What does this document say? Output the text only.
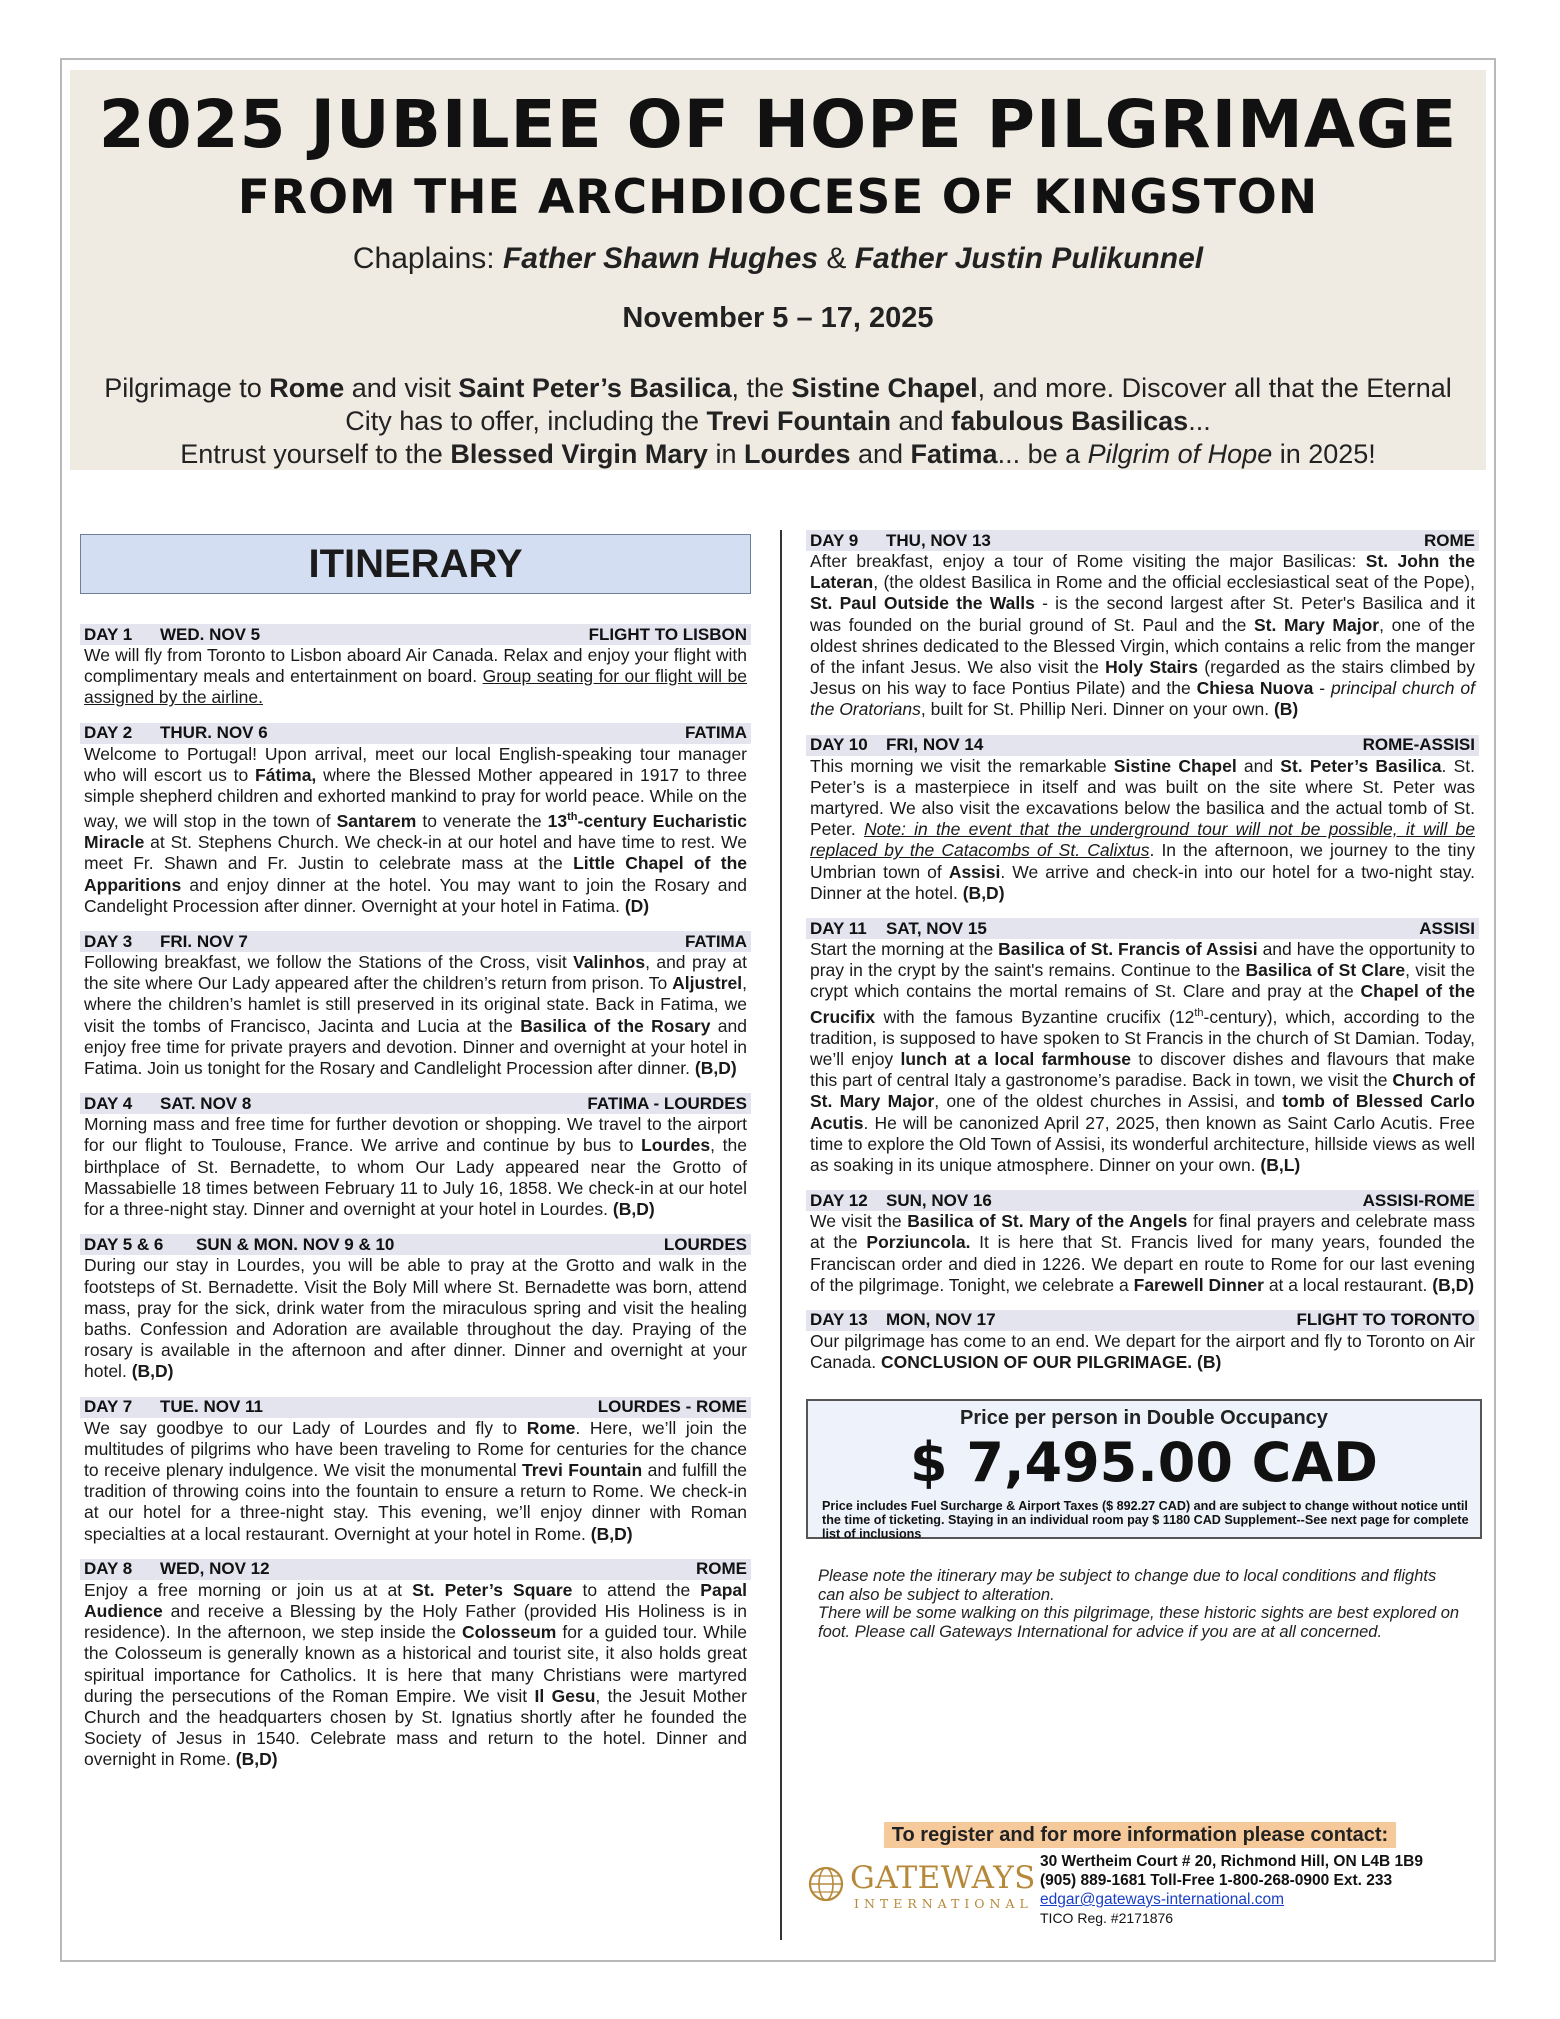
2025 JUBILEE OF HOPE PILGRIMAGE
FROM THE ARCHDIOCESE OF KINGSTON
Chaplains: Father Shawn Hughes & Father Justin Pulikunnel
November 5 – 17, 2025
Pilgrimage to Rome and visit Saint Peter’s Basilica, the Sistine Chapel, and more. Discover all that the Eternal City has to offer, including the Trevi Fountain and fabulous Basilicas...
Entrust yourself to the Blessed Virgin Mary in Lourdes and Fatima... be a Pilgrim of Hope in 2025!
ITINERARY
DAY 1	WED. NOV 5	FLIGHT TO LISBON
We will fly from Toronto to Lisbon aboard Air Canada. Relax and enjoy your flight with complimentary meals and entertainment on board. Group seating for our flight will be assigned by the airline.
DAY 2	THUR. NOV 6	FATIMA
Welcome to Portugal! Upon arrival, meet our local English-speaking tour manager who will escort us to Fátima, where the Blessed Mother appeared in 1917 to three simple shepherd children and exhorted mankind to pray for world peace. While on the way, we will stop in the town of Santarem to venerate the 13th-century Eucharistic Miracle at St. Stephens Church. We check-in at our hotel and have time to rest. We meet Fr. Shawn and Fr. Justin to celebrate mass at the Little Chapel of the Apparitions and enjoy dinner at the hotel. You may want to join the Rosary and Candelight Procession after dinner. Overnight at your hotel in Fatima. (D)
DAY 3	FRI. NOV 7	FATIMA
Following breakfast, we follow the Stations of the Cross, visit Valinhos, and pray at the site where Our Lady appeared after the children’s return from prison. To Aljustrel, where the children’s hamlet is still preserved in its original state. Back in Fatima, we visit the tombs of Francisco, Jacinta and Lucia at the Basilica of the Rosary and enjoy free time for private prayers and devotion. Dinner and overnight at your hotel in Fatima. Join us tonight for the Rosary and Candlelight Procession after dinner. (B,D)
DAY 4	SAT. NOV 8	FATIMA - LOURDES
Morning mass and free time for further devotion or shopping. We travel to the airport for our flight to Toulouse, France. We arrive and continue by bus to Lourdes, the birthplace of St. Bernadette, to whom Our Lady appeared near the Grotto of Massabielle 18 times between February 11 to July 16, 1858. We check-in at our hotel for a three-night stay. Dinner and overnight at your hotel in Lourdes. (B,D)
DAY 5 & 6	SUN & MON. NOV 9 & 10	LOURDES
During our stay in Lourdes, you will be able to pray at the Grotto and walk in the footsteps of St. Bernadette. Visit the Boly Mill where St. Bernadette was born, attend mass, pray for the sick, drink water from the miraculous spring and visit the healing baths. Confession and Adoration are available throughout the day. Praying of the rosary is available in the afternoon and after dinner. Dinner and overnight at your hotel. (B,D)
DAY 7	TUE. NOV 11	LOURDES - ROME
We say goodbye to our Lady of Lourdes and fly to Rome. Here, we’ll join the multitudes of pilgrims who have been traveling to Rome for centuries for the chance to receive plenary indulgence. We visit the monumental Trevi Fountain and fulfill the tradition of throwing coins into the fountain to ensure a return to Rome. We check-in at our hotel for a three-night stay. This evening, we’ll enjoy dinner with Roman specialties at a local restaurant. Overnight at your hotel in Rome. (B,D)
DAY 8	WED, NOV 12	ROME
Enjoy a free morning or join us at at St. Peter’s Square to attend the Papal Audience and receive a Blessing by the Holy Father (provided His Holiness is in residence). In the afternoon, we step inside the Colosseum for a guided tour. While the Colosseum is generally known as a historical and tourist site, it also holds great spiritual importance for Catholics. It is here that many Christians were martyred during the persecutions of the Roman Empire. We visit Il Gesu, the Jesuit Mother Church and the headquarters chosen by St. Ignatius shortly after he founded the Society of Jesus in 1540. Celebrate mass and return to the hotel. Dinner and overnight in Rome. (B,D)
DAY 9	THU, NOV 13	ROME
After breakfast, enjoy a tour of Rome visiting the major Basilicas: St. John the Lateran, (the oldest Basilica in Rome and the official ecclesiastical seat of the Pope), St. Paul Outside the Walls - is the second largest after St. Peter's Basilica and it was founded on the burial ground of St. Paul and the St. Mary Major, one of the oldest shrines dedicated to the Blessed Virgin, which contains a relic from the manger of the infant Jesus. We also visit the Holy Stairs (regarded as the stairs climbed by Jesus on his way to face Pontius Pilate) and the Chiesa Nuova - principal church of the Oratorians, built for St. Phillip Neri. Dinner on your own. (B)
DAY 10	FRI, NOV 14	ROME-ASSISI
This morning we visit the remarkable Sistine Chapel and St. Peter’s Basilica. St. Peter’s is a masterpiece in itself and was built on the site where St. Peter was martyred. We also visit the excavations below the basilica and the actual tomb of St. Peter. Note: in the event that the underground tour will not be possible, it will be replaced by the Catacombs of St. Calixtus. In the afternoon, we journey to the tiny Umbrian town of Assisi. We arrive and check-in into our hotel for a two-night stay. Dinner at the hotel. (B,D)
DAY 11	SAT, NOV 15	ASSISI
Start the morning at the Basilica of St. Francis of Assisi and have the opportunity to pray in the crypt by the saint's remains. Continue to the Basilica of St Clare, visit the crypt which contains the mortal remains of St. Clare and pray at the Chapel of the Crucifix with the famous Byzantine crucifix (12th-century), which, according to the tradition, is supposed to have spoken to St Francis in the church of St Damian. Today, we’ll enjoy lunch at a local farmhouse to discover dishes and flavours that make this part of central Italy a gastronome’s paradise. Back in town, we visit the Church of St. Mary Major, one of the oldest churches in Assisi, and tomb of Blessed Carlo Acutis. He will be canonized April 27, 2025, then known as Saint Carlo Acutis. Free time to explore the Old Town of Assisi, its wonderful architecture, hillside views as well as soaking in its unique atmosphere. Dinner on your own. (B,L)
DAY 12	SUN, NOV 16	ASSISI-ROME
We visit the Basilica of St. Mary of the Angels for final prayers and celebrate mass at the Porziuncola. It is here that St. Francis lived for many years, founded the Franciscan order and died in 1226. We depart en route to Rome for our last evening of the pilgrimage. Tonight, we celebrate a Farewell Dinner at a local restaurant. (B,D)
DAY 13	MON, NOV 17	FLIGHT TO TORONTO
Our pilgrimage has come to an end. We depart for the airport and fly to Toronto on Air Canada. CONCLUSION OF OUR PILGRIMAGE. (B)
Price per person in Double Occupancy
$ 7,495.00 CAD
Price includes Fuel Surcharge & Airport Taxes ($ 892.27 CAD) and are subject to change without notice until the time of ticketing. Staying in an individual room pay $ 1180 CAD Supplement--See next page for complete list of inclusions
Please note the itinerary may be subject to change due to local conditions and flights can also be subject to alteration.
There will be some walking on this pilgrimage, these historic sights are best explored on foot. Please call Gateways International for advice if you are at all concerned.
To register and for more information please contact:
GATEWAYS
INTERNATIONAL
30 Wertheim Court # 20, Richmond Hill, ON L4B 1B9
(905) 889-1681 Toll-Free 1-800-268-0900 Ext. 233
edgar@gateways-international.com
TICO Reg. #2171876
